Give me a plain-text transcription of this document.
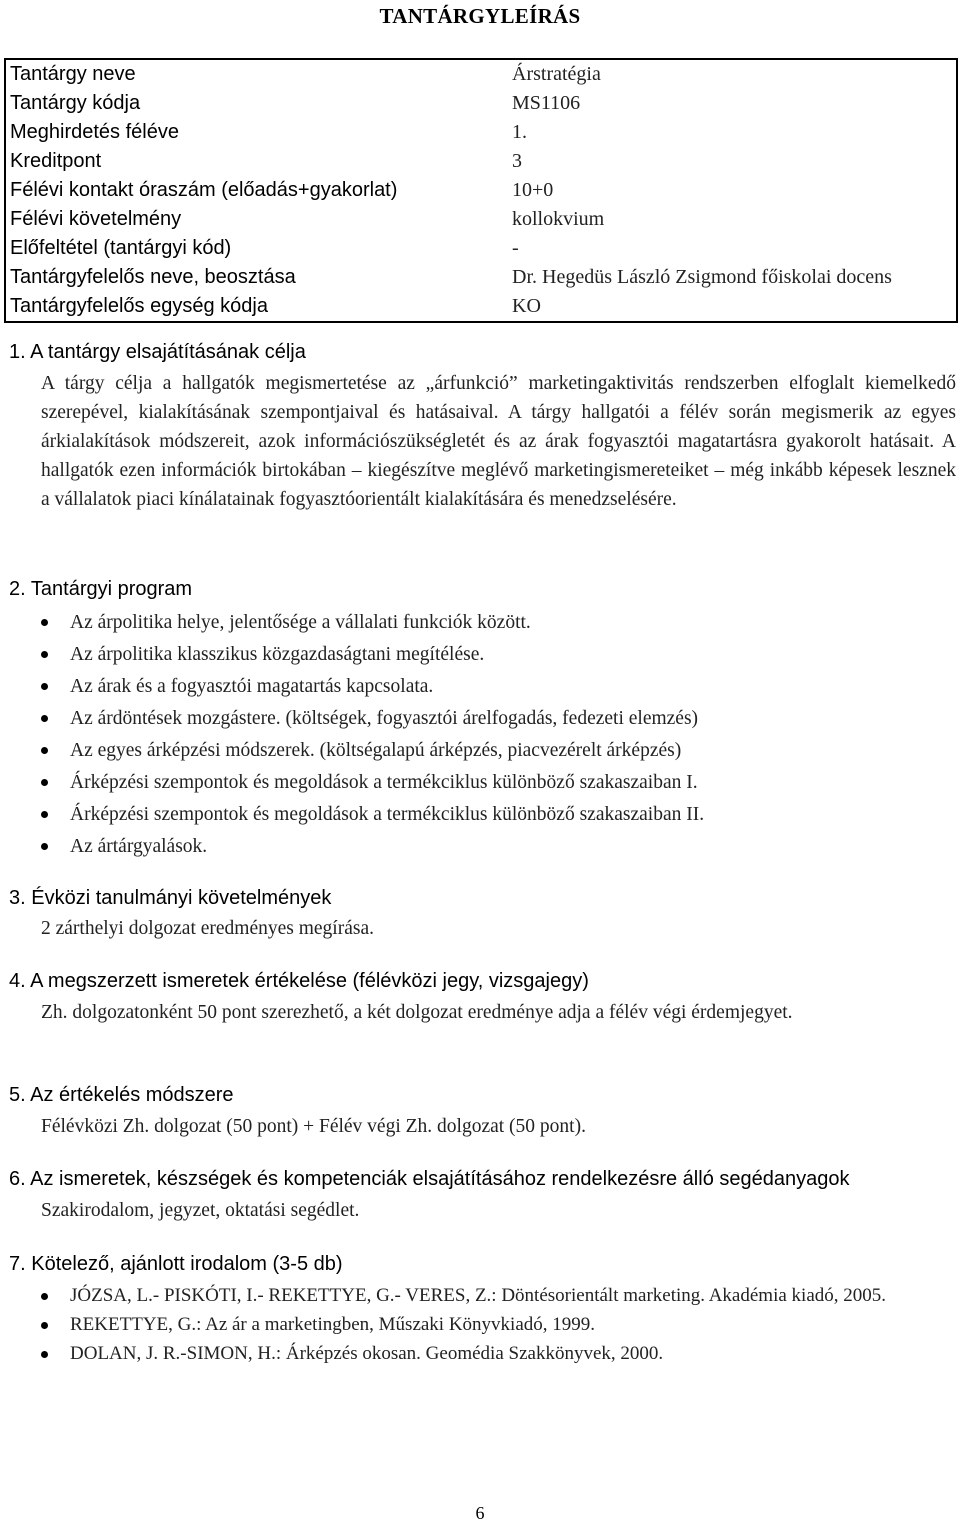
TANTÁRGYLEÍRÁS
Tantárgy neve	Árstratégia
Tantárgy kódja	MS1106
Meghirdetés féléve	1.
Kreditpont	3
Félévi kontakt óraszám (előadás+gyakorlat)	10+0
Félévi követelmény	kollokvium
Előfeltétel (tantárgyi kód)	-
Tantárgyfelelős neve, beosztása	Dr. Hegedüs László Zsigmond főiskolai docens
Tantárgyfelelős egység kódja	KO
1. A tantárgy elsajátításának célja
A tárgy célja a hallgatók megismertetése az „árfunkció” marketingaktivitás rendszerben elfoglalt kiemelkedő szerepével, kialakításának szempontjaival és hatásaival. A tárgy hallgatói a félév során megismerik az egyes árkialakítások módszereit, azok információszükségletét és az árak fogyasztói magatartásra gyakorolt hatásait. A hallgatók ezen információk birtokában – kiegészítve meglévő marketingismereteiket – még inkább képesek lesznek a vállalatok piaci kínálatainak fogyasztóorientált kialakítására és menedzselésére.
2. Tantárgyi program
Az árpolitika helye, jelentősége a vállalati funkciók között.
Az árpolitika klasszikus közgazdaságtani megítélése.
Az árak és a fogyasztói magatartás kapcsolata.
Az árdöntések mozgástere. (költségek, fogyasztói árelfogadás, fedezeti elemzés)
Az egyes árképzési módszerek. (költségalapú árképzés, piacvezérelt árképzés)
Árképzési szempontok és megoldások a termékciklus különböző szakaszaiban I.
Árképzési szempontok és megoldások a termékciklus különböző szakaszaiban II.
Az ártárgyalások.
3. Évközi tanulmányi követelmények
2 zárthelyi dolgozat eredményes megírása.
4. A megszerzett ismeretek értékelése (félévközi jegy, vizsgajegy)
Zh. dolgozatonként 50 pont szerezhető, a két dolgozat eredménye adja a félév végi érdemjegyet.
5. Az értékelés módszere
Félévközi Zh. dolgozat (50 pont) + Félév végi Zh. dolgozat (50 pont).
6. Az ismeretek, készségek és kompetenciák elsajátításához rendelkezésre álló segédanyagok
Szakirodalom, jegyzet, oktatási segédlet.
7. Kötelező, ajánlott irodalom (3-5 db)
JÓZSA, L.- PISKÓTI, I.- REKETTYE, G.- VERES, Z.: Döntésorientált marketing. Akadémia kiadó, 2005.
REKETTYE, G.: Az ár a marketingben, Műszaki Könyvkiadó, 1999.
DOLAN, J. R.-SIMON, H.: Árképzés okosan. Geomédia Szakkönyvek, 2000.
6
